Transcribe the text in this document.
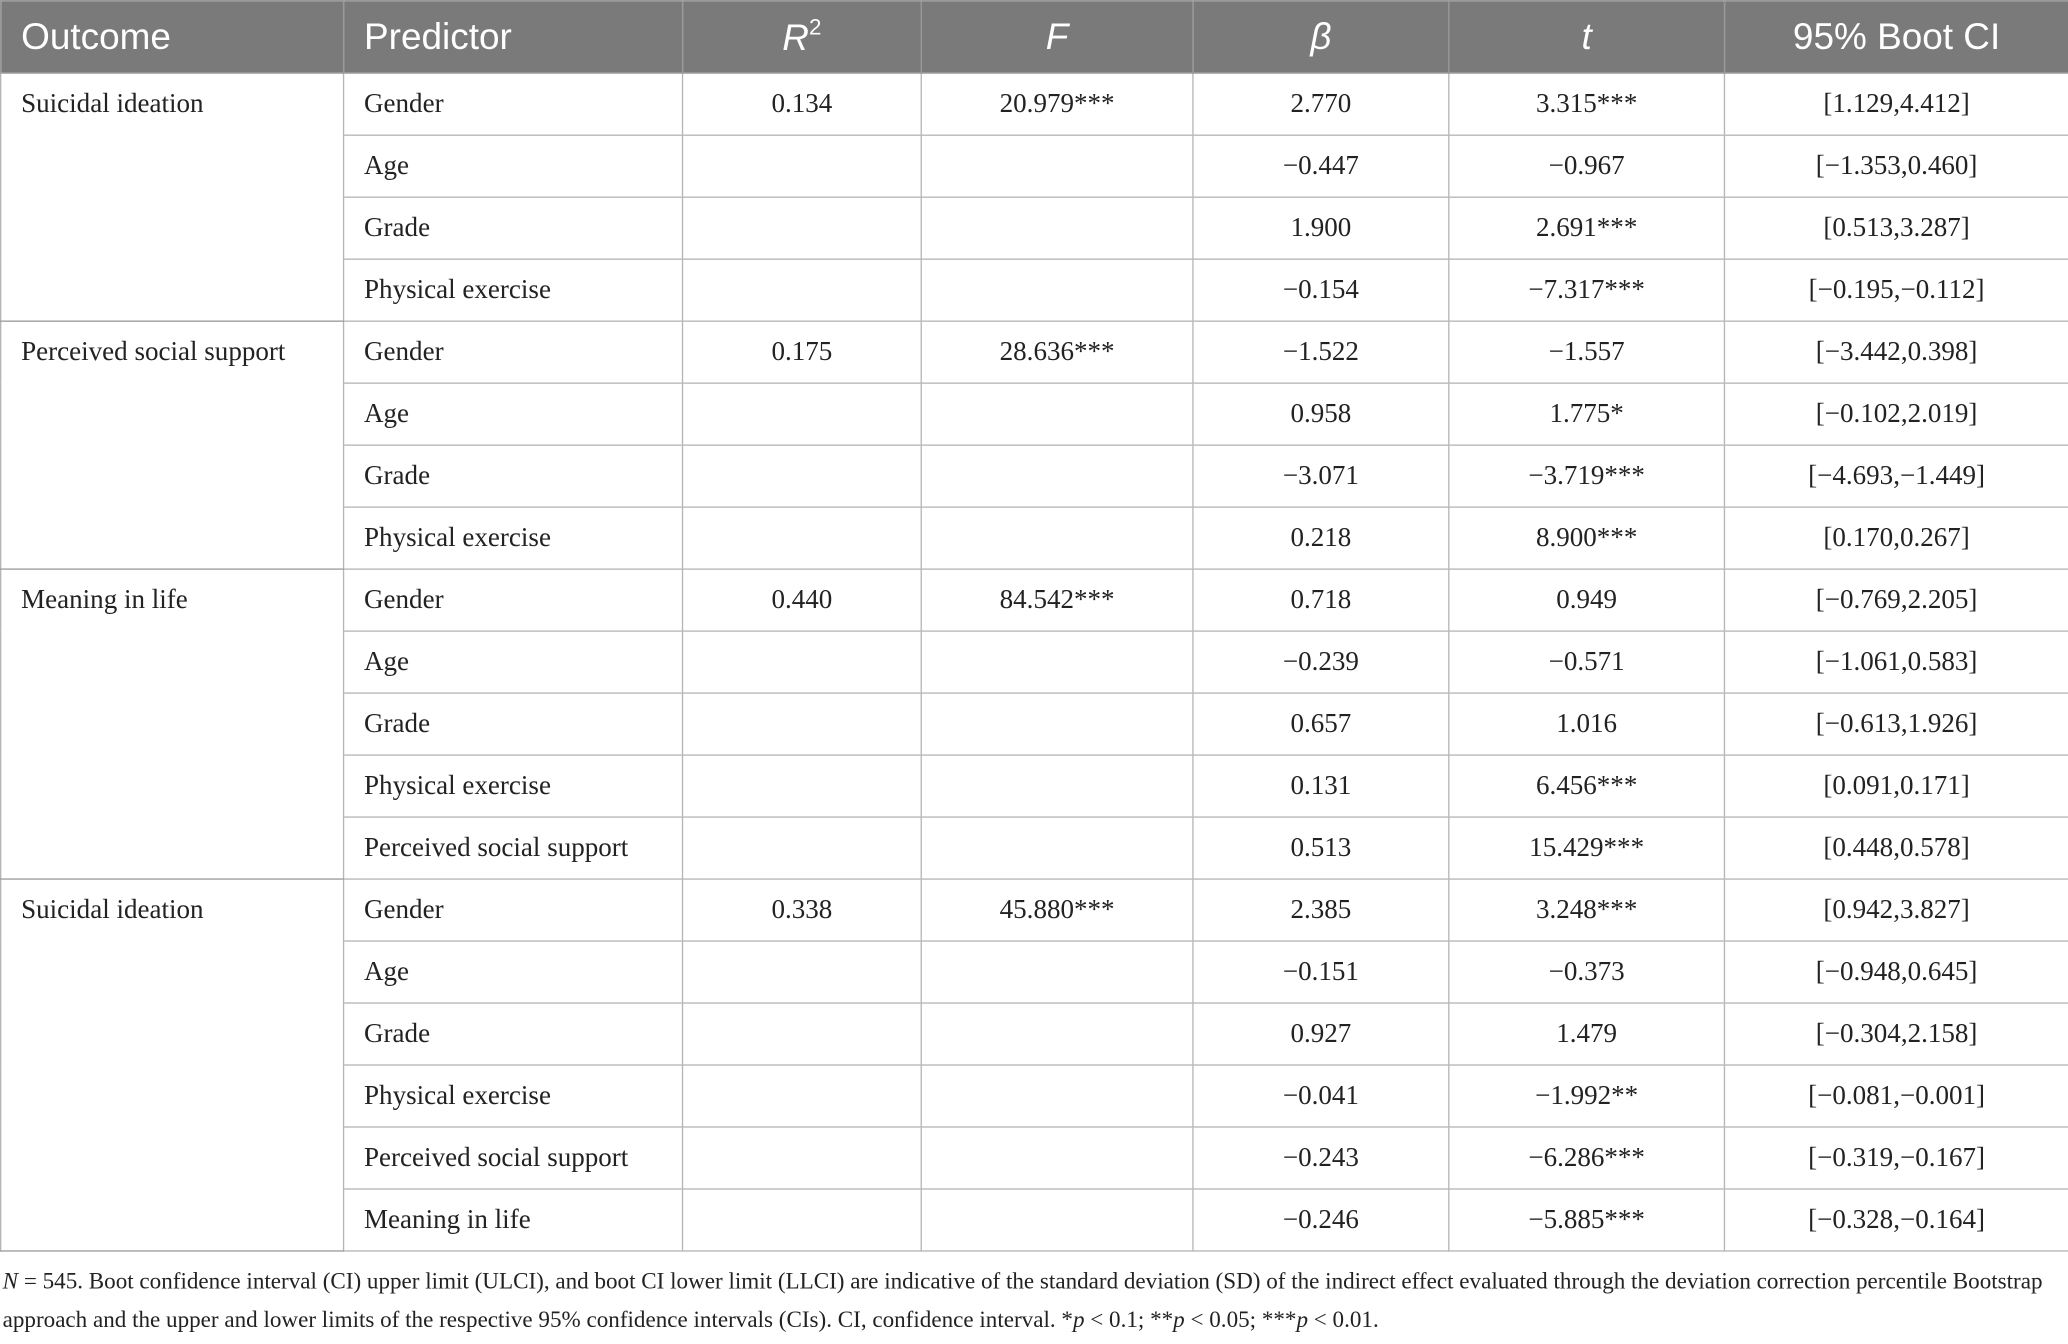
Outcome	Predictor	$R^2$	F	β	t	95% Boot CI
Suicidal ideation	Gender	0.134	20.979***	2.770	3.315***	[1.129,4.412]
	Age			−0.447	−0.967	[−1.353,0.460]
	Grade			1.900	2.691***	[0.513,3.287]
	Physical exercise			−0.154	−7.317***	[−0.195,−0.112]
Perceived social support	Gender	0.175	28.636***	−1.522	−1.557	[−3.442,0.398]
	Age			0.958	1.775*	[−0.102,2.019]
	Grade			−3.071	−3.719***	[−4.693,−1.449]
	Physical exercise			0.218	8.900***	[0.170,0.267]
Meaning in life	Gender	0.440	84.542***	0.718	0.949	[−0.769,2.205]
	Age			−0.239	−0.571	[−1.061,0.583]
	Grade			0.657	1.016	[−0.613,1.926]
	Physical exercise			0.131	6.456***	[0.091,0.171]
	Perceived social support			0.513	15.429***	[0.448,0.578]
Suicidal ideation	Gender	0.338	45.880***	2.385	3.248***	[0.942,3.827]
	Age			−0.151	−0.373	[−0.948,0.645]
	Grade			0.927	1.479	[−0.304,2.158]
	Physical exercise			−0.041	−1.992**	[−0.081,−0.001]
	Perceived social support			−0.243	−6.286***	[−0.319,−0.167]
	Meaning in life			−0.246	−5.885***	[−0.328,−0.164]

N = 545. Boot confidence interval (CI) upper limit (ULCI), and boot CI lower limit (LLCI) are indicative of the standard deviation (SD) of the indirect effect evaluated through the deviation correction percentile Bootstrap approach and the upper and lower limits of the respective 95% confidence intervals (CIs). CI, confidence interval. *p < 0.1; **p < 0.05; ***p < 0.01.
